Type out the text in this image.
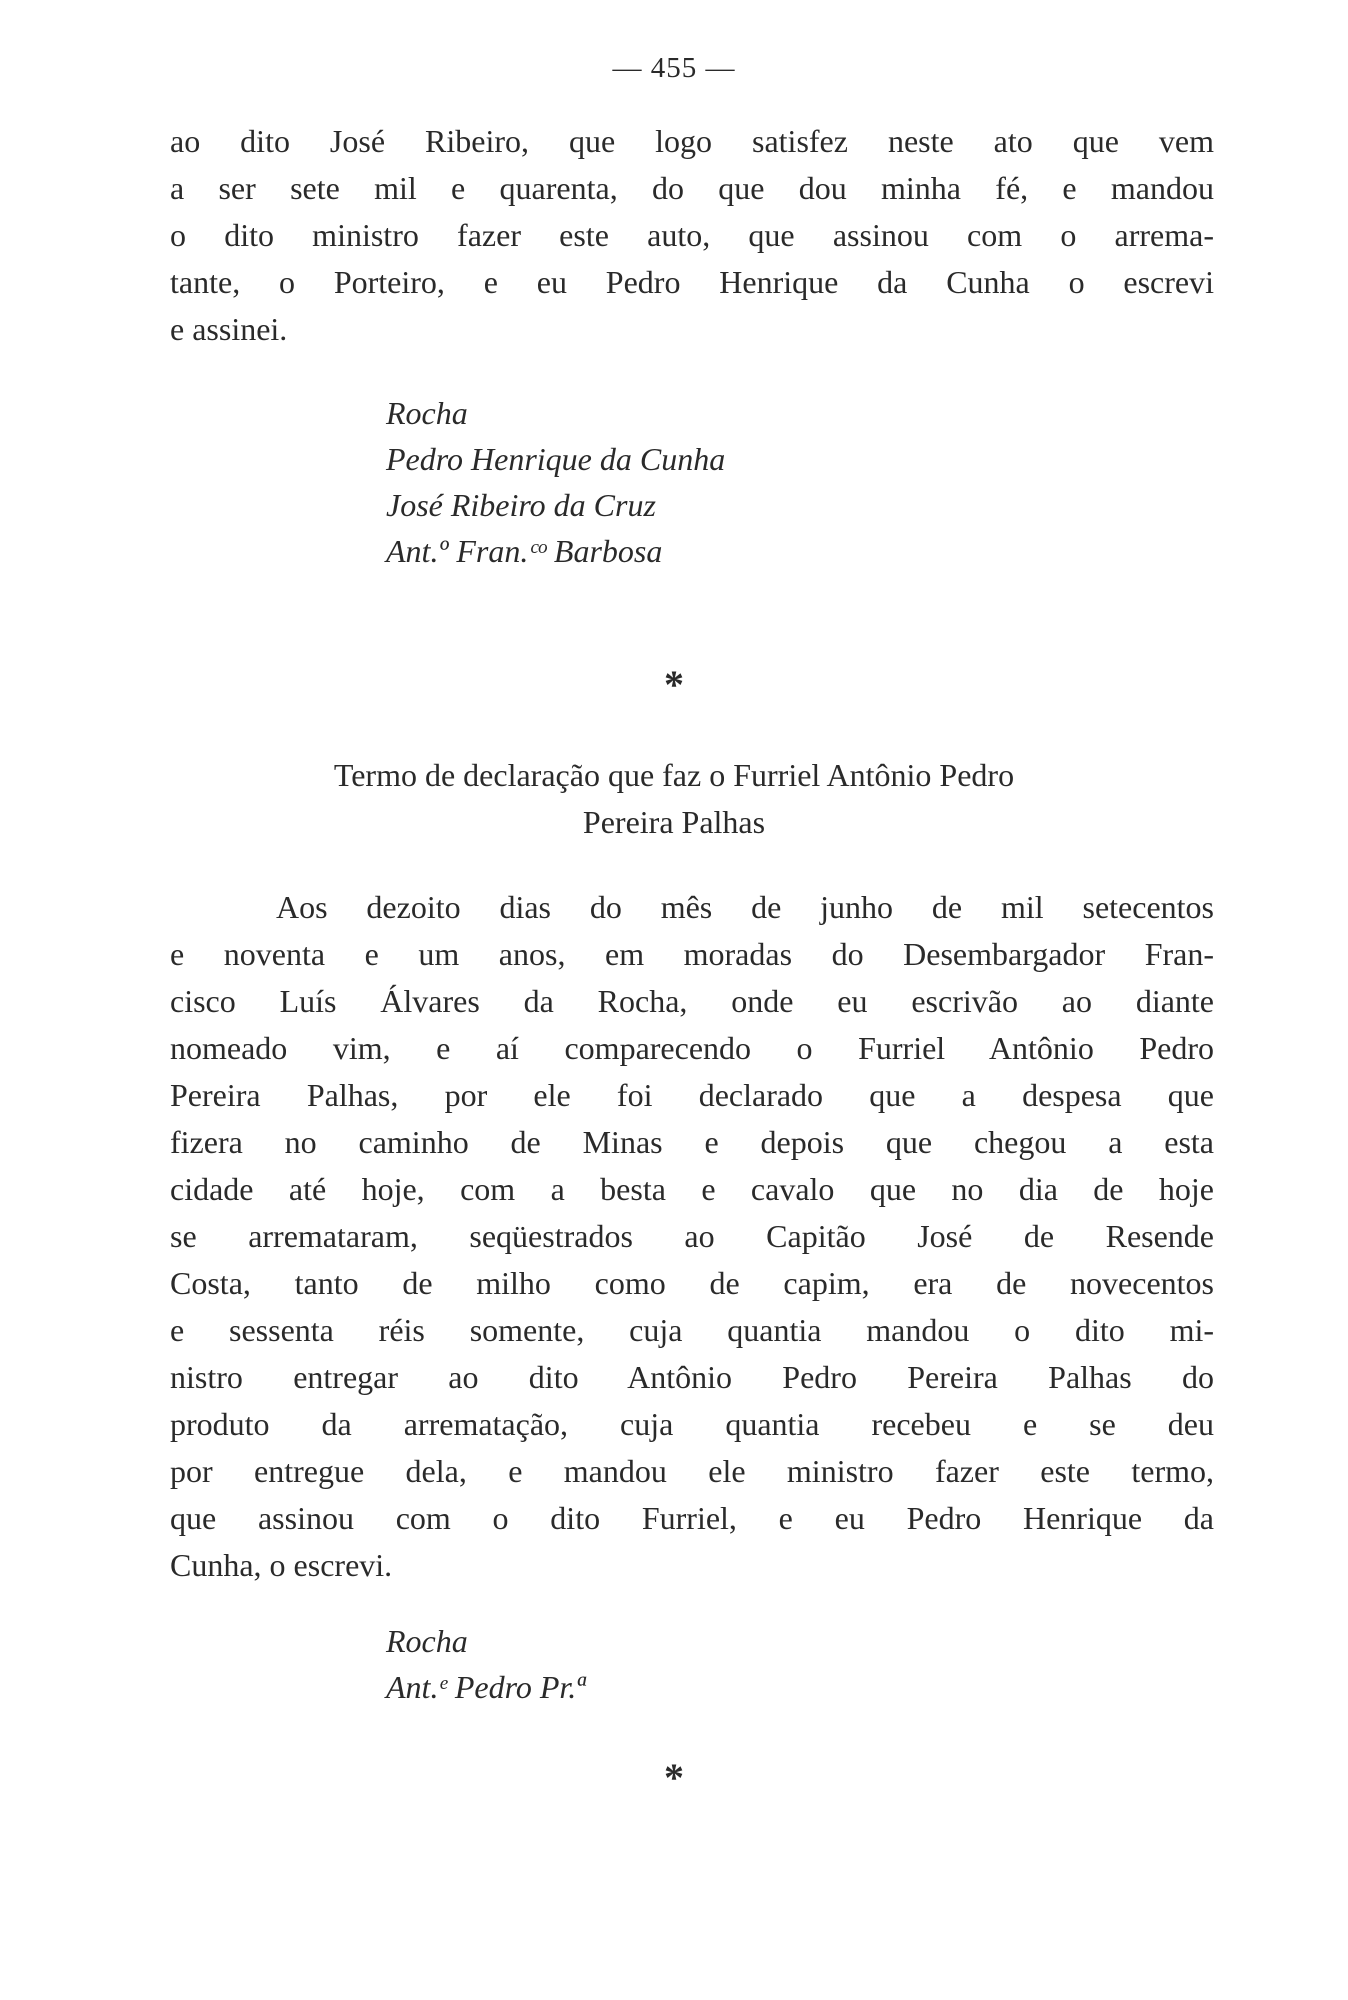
— 455 —
ao dito José Ribeiro, que logo satisfez neste ato que vem
a ser sete mil e quarenta, do que dou minha fé, e mandou
o dito ministro fazer este auto, que assinou com o arrema-
tante, o Porteiro, e eu Pedro Henrique da Cunha o escrevi
e assinei.
Rocha
Pedro Henrique da Cunha
José Ribeiro da Cruz
Ant.º Fran.ᶜᵒ Barbosa
*
Termo de declaração que faz o Furriel Antônio Pedro
Pereira Palhas
Aos dezoito dias do mês de junho de mil setecentos
e noventa e um anos, em moradas do Desembargador Fran-
cisco Luís Álvares da Rocha, onde eu escrivão ao diante
nomeado vim, e aí comparecendo o Furriel Antônio Pedro
Pereira Palhas, por ele foi declarado que a despesa que
fizera no caminho de Minas e depois que chegou a esta
cidade até hoje, com a besta e cavalo que no dia de hoje
se arremataram, seqüestrados ao Capitão José de Resende
Costa, tanto de milho como de capim, era de novecentos
e sessenta réis somente, cuja quantia mandou o dito mi-
nistro entregar ao dito Antônio Pedro Pereira Palhas do
produto da arrematação, cuja quantia recebeu e se deu
por entregue dela, e mandou ele ministro fazer este termo,
que assinou com o dito Furriel, e eu Pedro Henrique da
Cunha, o escrevi.
Rocha
Ant.ᵉ Pedro Pr.ª
*
